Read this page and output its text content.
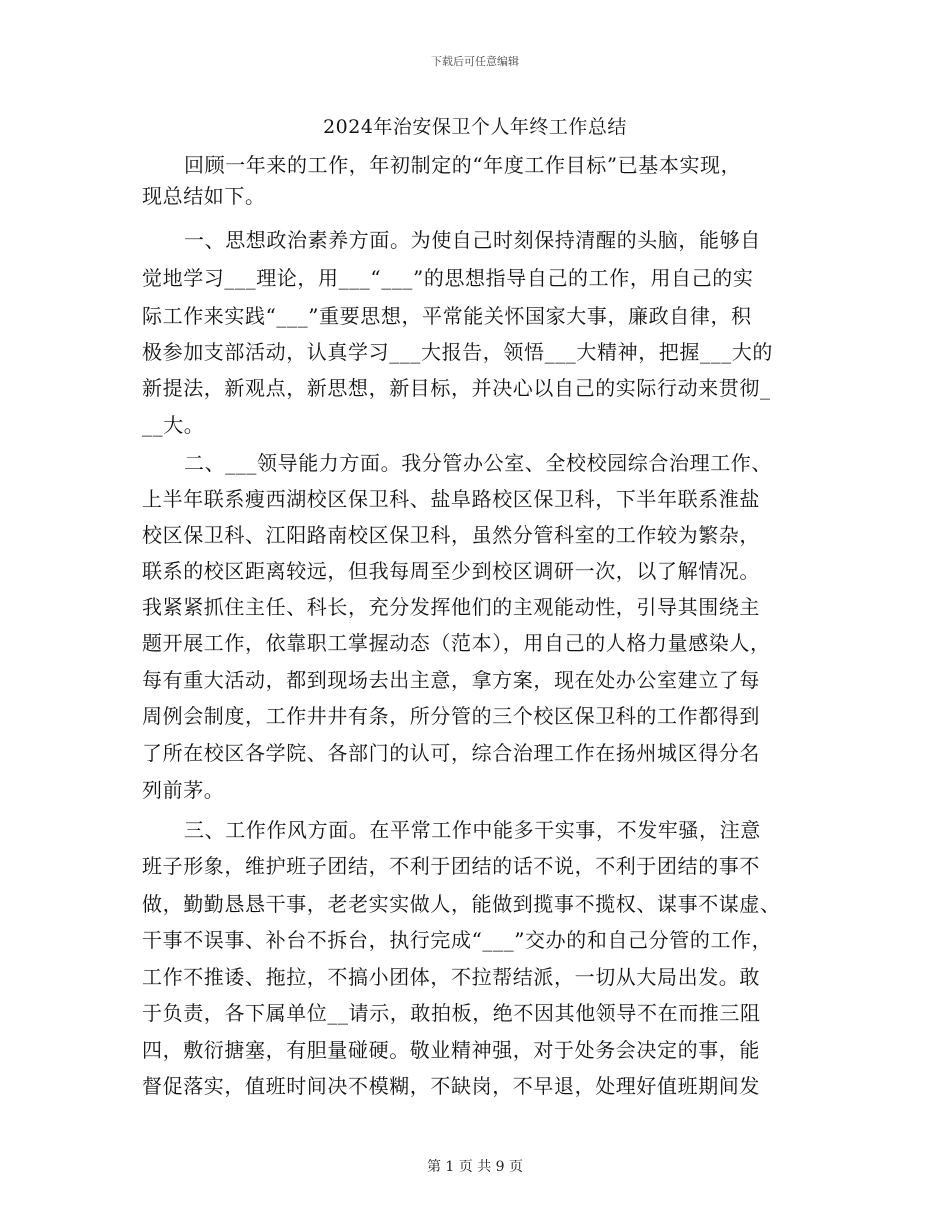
下载后可任意编辑
2024年治安保卫个人年终工作总结
回顾一年来的工作，年初制定的“年度工作目标”已基本实现，
现总结如下。
一、思想政治素养方面。为使自己时刻保持清醒的头脑，能够自
觉地学习___理论，用___“___”的思想指导自己的工作，用自己的实
际工作来实践“___”重要思想，平常能关怀国家大事，廉政自律，积
极参加支部活动，认真学习___大报告，领悟___大精神，把握___大的
新提法，新观点，新思想，新目标，并决心以自己的实际行动来贯彻_
__大。
二、___领导能力方面。我分管办公室、全校校园综合治理工作、
上半年联系瘦西湖校区保卫科、盐阜路校区保卫科，下半年联系淮盐
校区保卫科、江阳路南校区保卫科，虽然分管科室的工作较为繁杂，
联系的校区距离较远，但我每周至少到校区调研一次，以了解情况。
我紧紧抓住主任、科长，充分发挥他们的主观能动性，引导其围绕主
题开展工作，依靠职工掌握动态（范本），用自己的人格力量感染人，
每有重大活动，都到现场去出主意，拿方案，现在处办公室建立了每
周例会制度，工作井井有条，所分管的三个校区保卫科的工作都得到
了所在校区各学院、各部门的认可，综合治理工作在扬州城区得分名
列前茅。
三、工作作风方面。在平常工作中能多干实事，不发牢骚，注意
班子形象，维护班子团结，不利于团结的话不说，不利于团结的事不
做，勤勤恳恳干事，老老实实做人，能做到揽事不揽权、谋事不谋虚、
干事不误事、补台不拆台，执行完成“___”交办的和自己分管的工作，
工作不推诿、拖拉，不搞小团体，不拉帮结派，一切从大局出发。敢
于负责，各下属单位__请示，敢拍板，绝不因其他领导不在而推三阻
四，敷衍搪塞，有胆量碰硬。敬业精神强，对于处务会决定的事，能
督促落实，值班时间决不模糊，不缺岗，不早退，处理好值班期间发
第 1 页 共 9 页
